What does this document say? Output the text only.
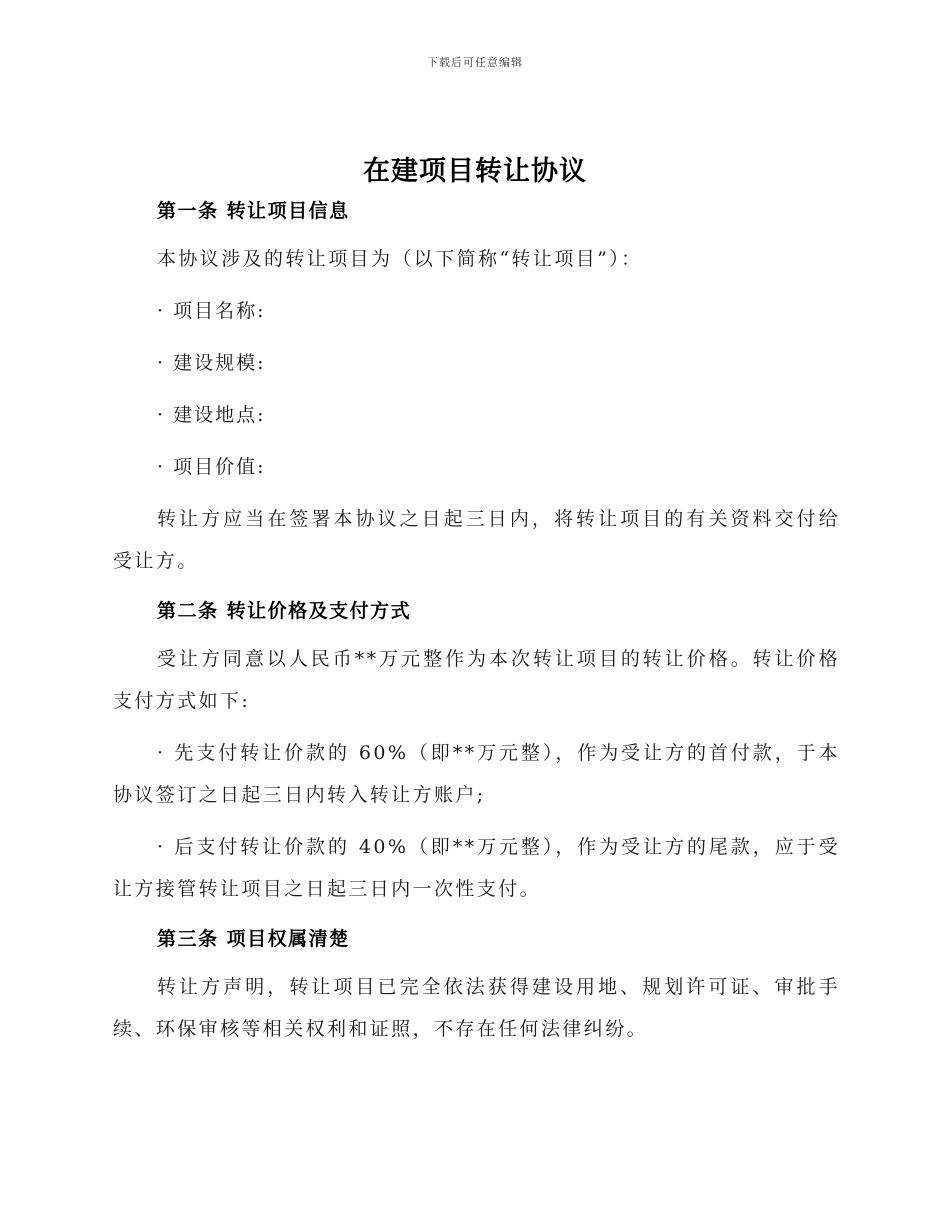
下载后可任意编辑
在建项目转让协议
第一条 转让项目信息

本协议涉及的转让项目为（以下简称“转让项目”）：

· 项目名称:

· 建设规模:

· 建设地点:

· 项目价值:

转让方应当在签署本协议之日起三日内，将转让项目的有关资料交付给受让方。

第二条 转让价格及支付方式

受让方同意以人民币**万元整作为本次转让项目的转让价格。转让价格支付方式如下:

· 先支付转让价款的 60%（即**万元整），作为受让方的首付款，于本协议签订之日起三日内转入转让方账户;

· 后支付转让价款的 40%（即**万元整），作为受让方的尾款，应于受让方接管转让项目之日起三日内一次性支付。

第三条 项目权属清楚

转让方声明，转让项目已完全依法获得建设用地、规划许可证、审批手续、环保审核等相关权利和证照，不存在任何法律纠纷。
